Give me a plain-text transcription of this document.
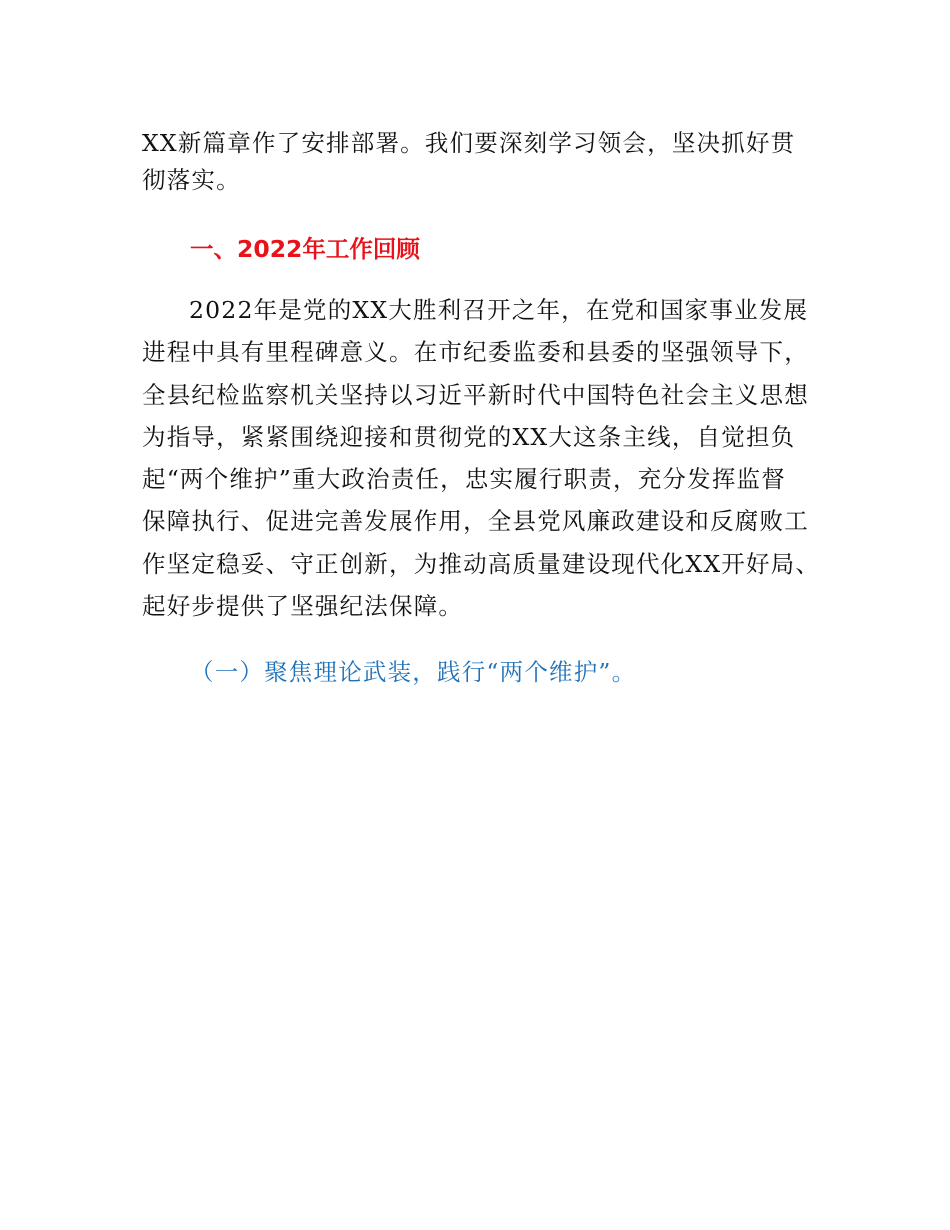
XX新篇章作了安排部署。我们要深刻学习领会，坚决抓好贯
彻落实。
一、2022年工作回顾
2022年是党的XX大胜利召开之年，在党和国家事业发展
进程中具有里程碑意义。在市纪委监委和县委的坚强领导下，
全县纪检监察机关坚持以习近平新时代中国特色社会主义思想
为指导，紧紧围绕迎接和贯彻党的XX大这条主线，自觉担负
起“两个维护”重大政治责任，忠实履行职责，充分发挥监督
保障执行、促进完善发展作用，全县党风廉政建设和反腐败工
作坚定稳妥、守正创新，为推动高质量建设现代化XX开好局、
起好步提供了坚强纪法保障。
（一）聚焦理论武装，践行“两个维护”。
